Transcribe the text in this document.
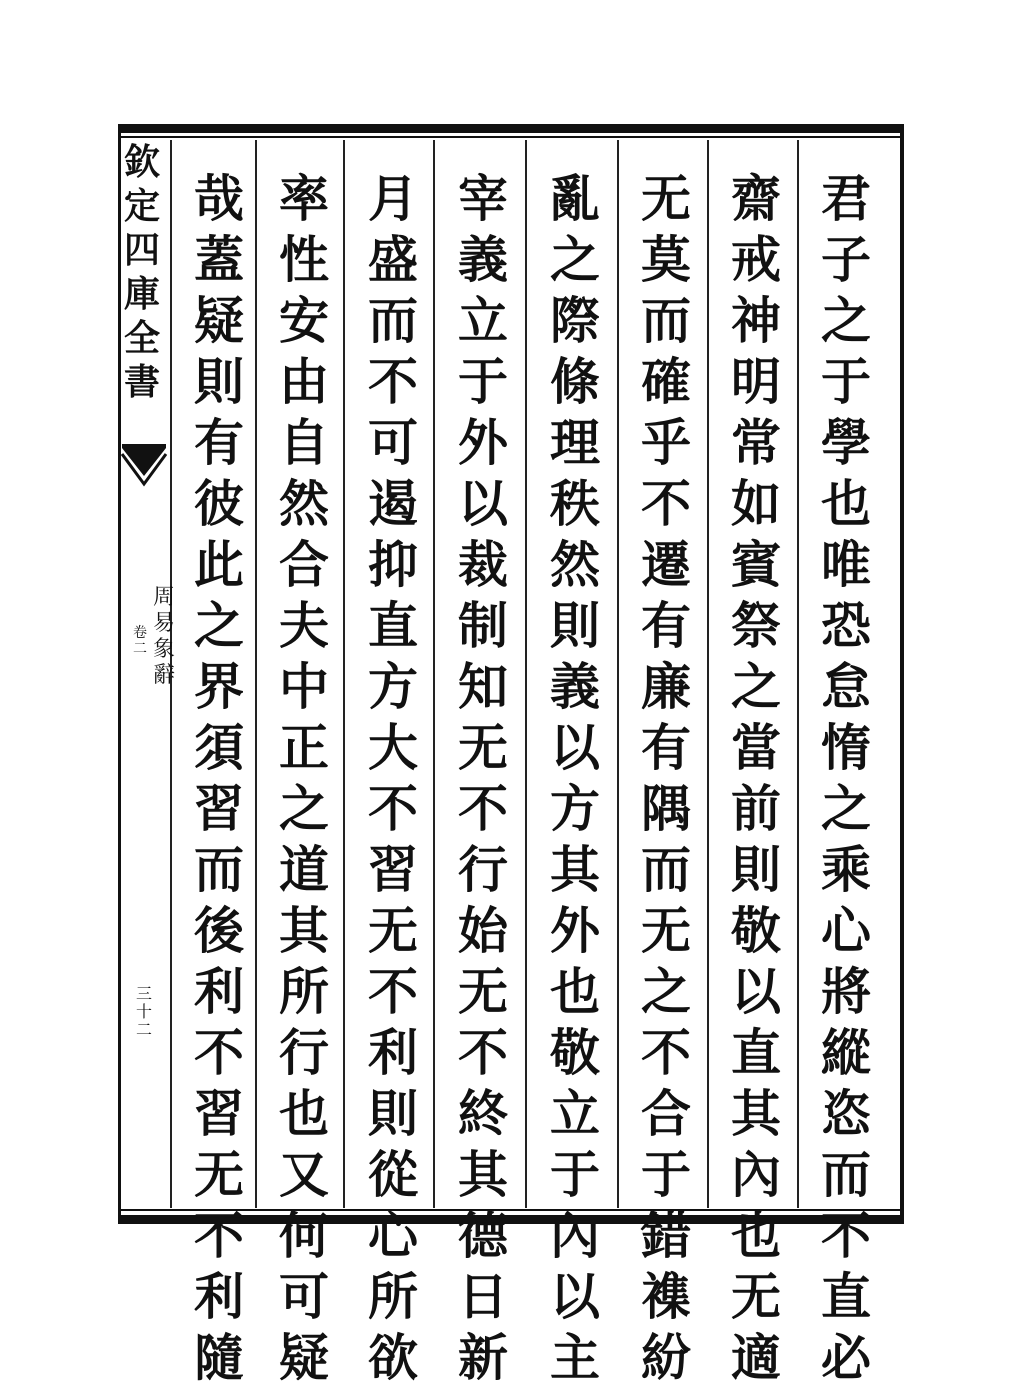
欽
定
四
庫
全
書
卷
二
周
易
象
辭
三
十
二
君
子
之
于
學
也
唯
恐
怠
惰
之
乘
心
將
縱
恣
而
不
直
必
齋
戒
神
明
常
如
賓
祭
之
當
前
則
敬
以
直
其
內
也
无
適
无
莫
而
確
乎
不
遷
有
廉
有
隅
而
无
之
不
合
于
錯
襍
紛
亂
之
際
條
理
秩
然
則
義
以
方
其
外
也
敬
立
于
內
以
主
宰
義
立
于
外
以
裁
制
知
无
不
行
始
无
不
終
其
德
日
新
月
盛
而
不
可
遏
抑
直
方
大
不
習
无
不
利
則
從
心
所
欲
率
性
安
由
自
然
合
夫
中
正
之
道
其
所
行
也
又
何
可
疑
哉
蓋
疑
則
有
彼
此
之
界
須
習
而
後
利
不
習
无
不
利
隨
